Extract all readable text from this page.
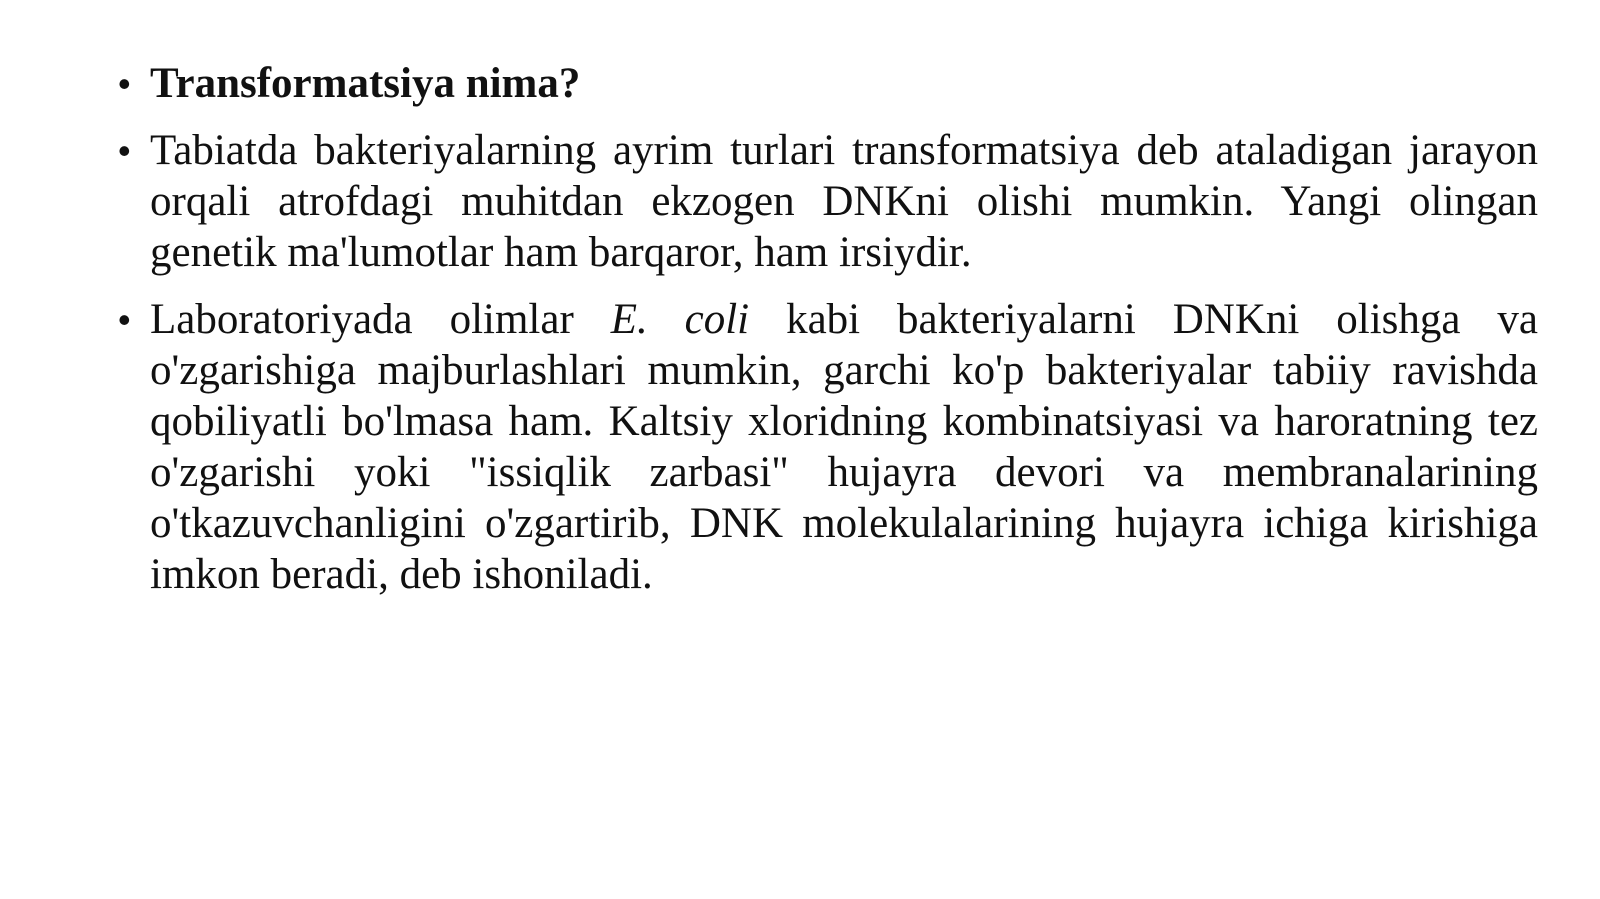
• Transformatsiya nima?
• Tabiatda bakteriyalarning ayrim turlari transformatsiya deb ataladigan jarayon orqali atrofdagi muhitdan ekzogen DNKni olishi mumkin. Yangi olingan genetik ma'lumotlar ham barqaror, ham irsiydir.
• Laboratoriyada olimlar E. coli kabi bakteriyalarni DNKni olishga va o'zgarishiga majburlashlari mumkin, garchi ko'p bakteriyalar tabiiy ravishda qobiliyatli bo'lmasa ham. Kaltsiy xloridning kombinatsiyasi va haroratning tez o'zgarishi yoki "issiqlik zarbasi" hujayra devori va membranalarining o'tkazuvchanligini o'zgartirib, DNK molekulalarining hujayra ichiga kirishiga imkon beradi, deb ishoniladi.
